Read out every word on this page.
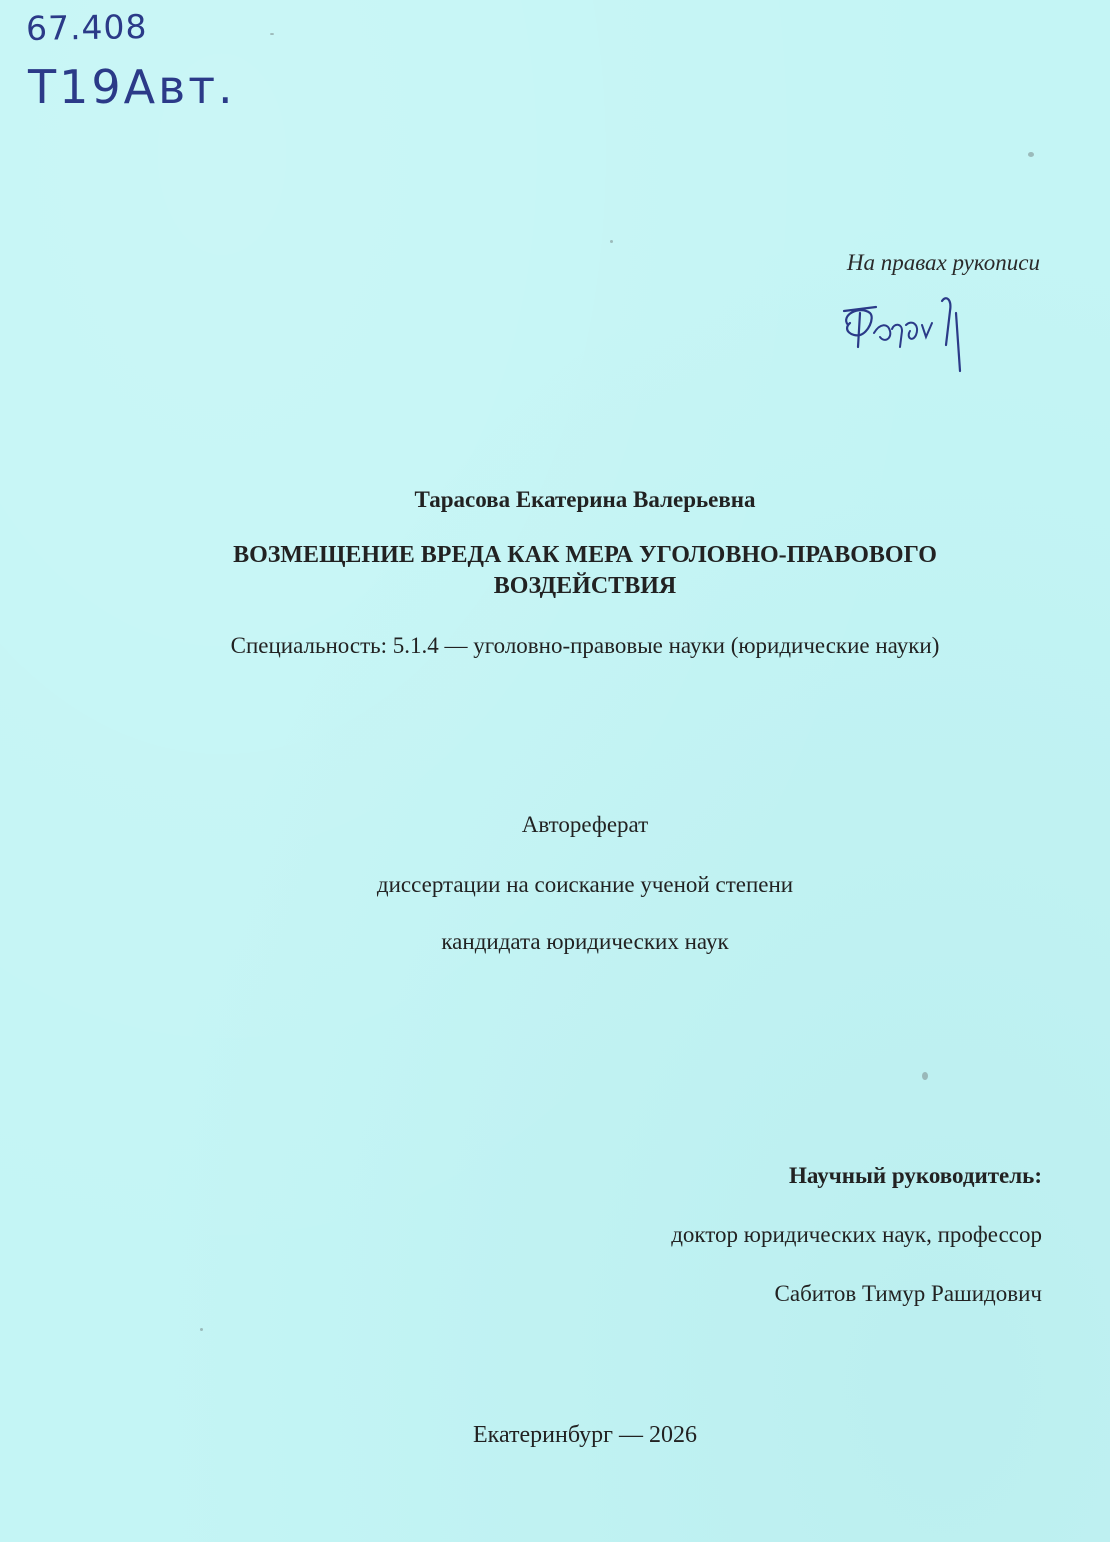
67.408
Т19Авт.
На правах рукописи
Тарасова Екатерина Валерьевна
ВОЗМЕЩЕНИЕ ВРЕДА КАК МЕРА УГОЛОВНО-ПРАВОВОГО
ВОЗДЕЙСТВИЯ
Специальность: 5.1.4 — уголовно-правовые науки (юридические науки)
Автореферат
диссертации на соискание ученой степени
кандидата юридических наук
Научный руководитель:
доктор юридических наук, профессор
Сабитов Тимур Рашидович
Екатеринбург — 2026
